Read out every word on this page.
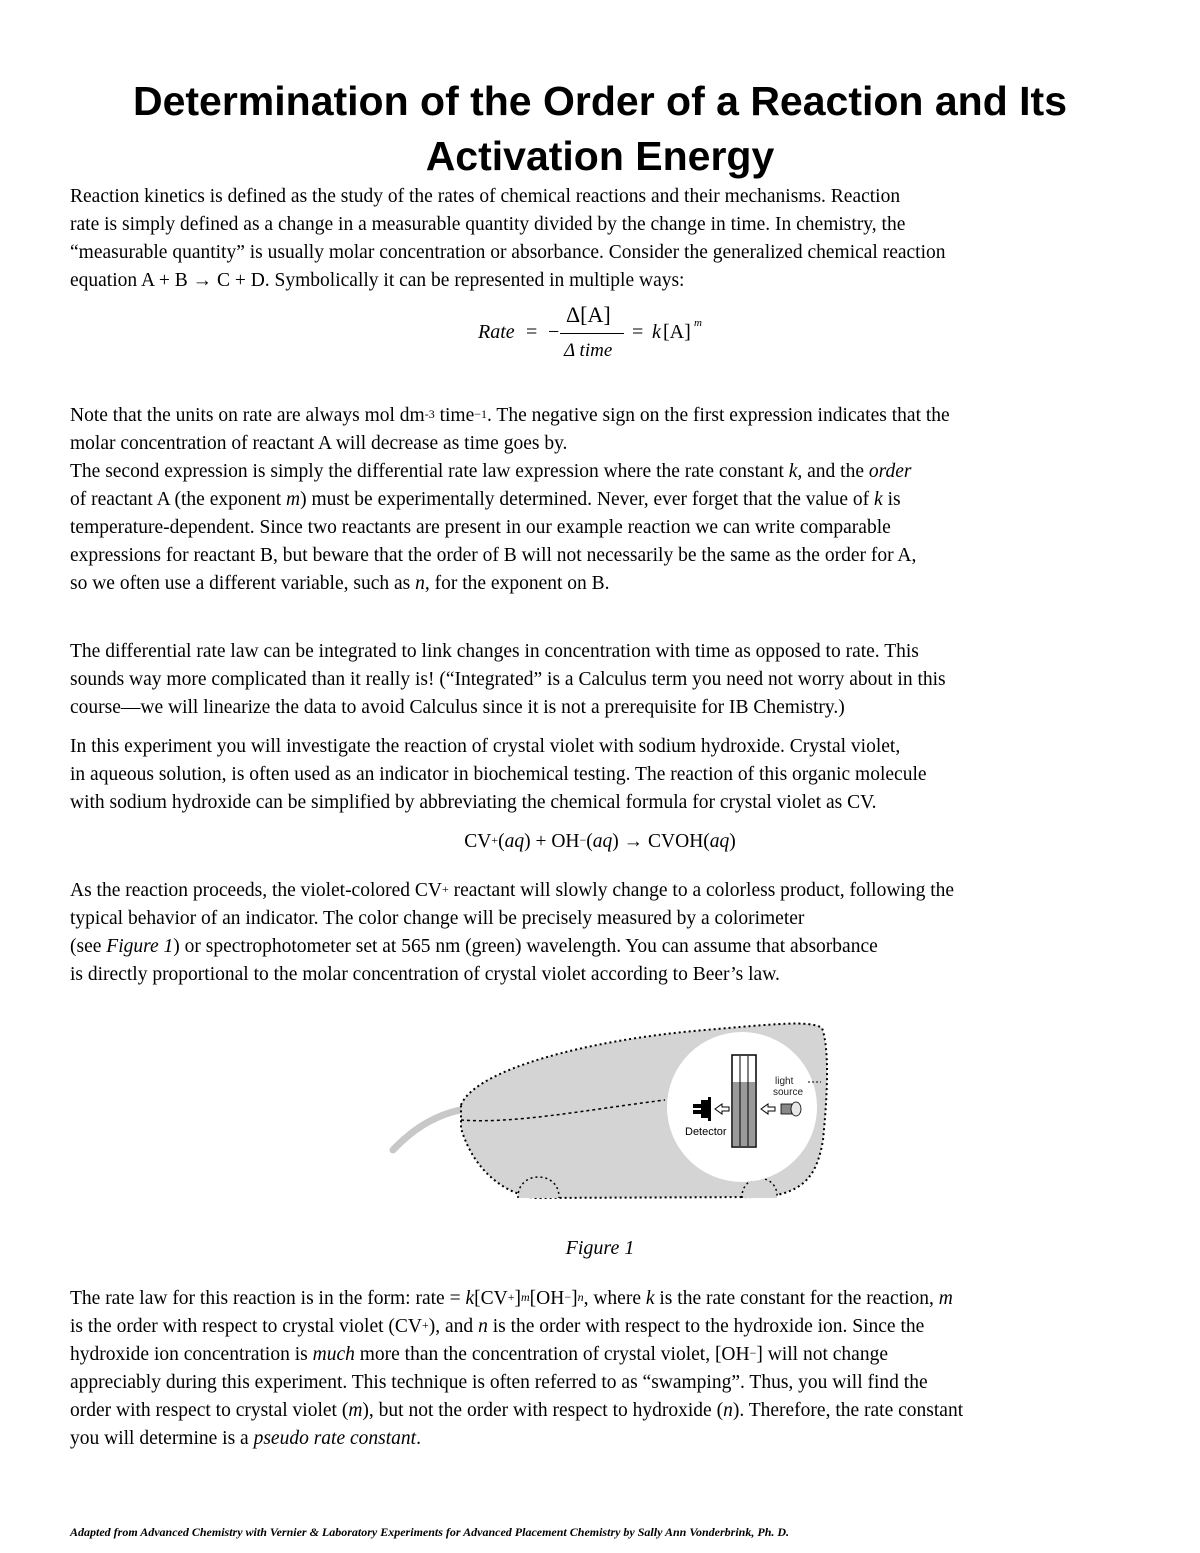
Determination of the Order of a Reaction and Its
Activation Energy

Reaction kinetics is defined as the study of the rates of chemical reactions and their mechanisms. Reaction

rate is simply defined as a change in a measurable quantity divided by the change in time. In chemistry, the

“measurable quantity” is usually molar concentration or absorbance. Consider the generalized chemical reaction

equation A + B → C + D. Symbolically it can be represented in multiple ways:

Rate = −
Δ[A]
Δ time
= k [A] m

Note that the units on rate are always mol $dm^{-3}$ time$^{-1}$. The negative sign on the first expression indicates that the

molar concentration of reactant A will decrease as time goes by.

The second expression is simply the differential rate law expression where the rate constant k, and the order

of reactant A (the exponent m) must be experimentally determined. Never, ever forget that the value of k is

temperature-dependent. Since two reactants are present in our example reaction we can write comparable

expressions for reactant B, but beware that the order of B will not necessarily be the same as the order for A,

so we often use a different variable, such as n, for the exponent on B.

The differential rate law can be integrated to link changes in concentration with time as opposed to rate. This

sounds way more complicated than it really is! (“Integrated” is a Calculus term you need not worry about in this

course—we will linearize the data to avoid Calculus since it is not a prerequisite for IB Chemistry.)

In this experiment you will investigate the reaction of crystal violet with sodium hydroxide. Crystal violet,

in aqueous solution, is often used as an indicator in biochemical testing. The reaction of this organic molecule

with sodium hydroxide can be simplified by abbreviating the chemical formula for crystal violet as CV.

CV+(aq) + OH−(aq) → CVOH(aq)

As the reaction proceeds, the violet-colored CV+ reactant will slowly change to a colorless product, following the

typical behavior of an indicator. The color change will be precisely measured by a colorimeter

(see Figure 1) or spectrophotometer set at 565 nm (green) wavelength. You can assume that absorbance

is directly proportional to the molar concentration of crystal violet according to Beer’s law.

light
source
Detector

Figure 1

The rate law for this reaction is in the form: rate = $k[CV^+]^m[OH^-]^n$, where k is the rate constant for the reaction, m

is the order with respect to crystal violet (CV+), and n is the order with respect to the hydroxide ion. Since the

hydroxide ion concentration is much more than the concentration of crystal violet, [OH−] will not change

appreciably during this experiment. This technique is often referred to as “swamping”. Thus, you will find the

order with respect to crystal violet (m), but not the order with respect to hydroxide (n). Therefore, the rate constant

you will determine is a pseudo rate constant.

Adapted from Advanced Chemistry with Vernier & Laboratory Experiments for Advanced Placement Chemistry by Sally Ann Vonderbrink, Ph. D.
